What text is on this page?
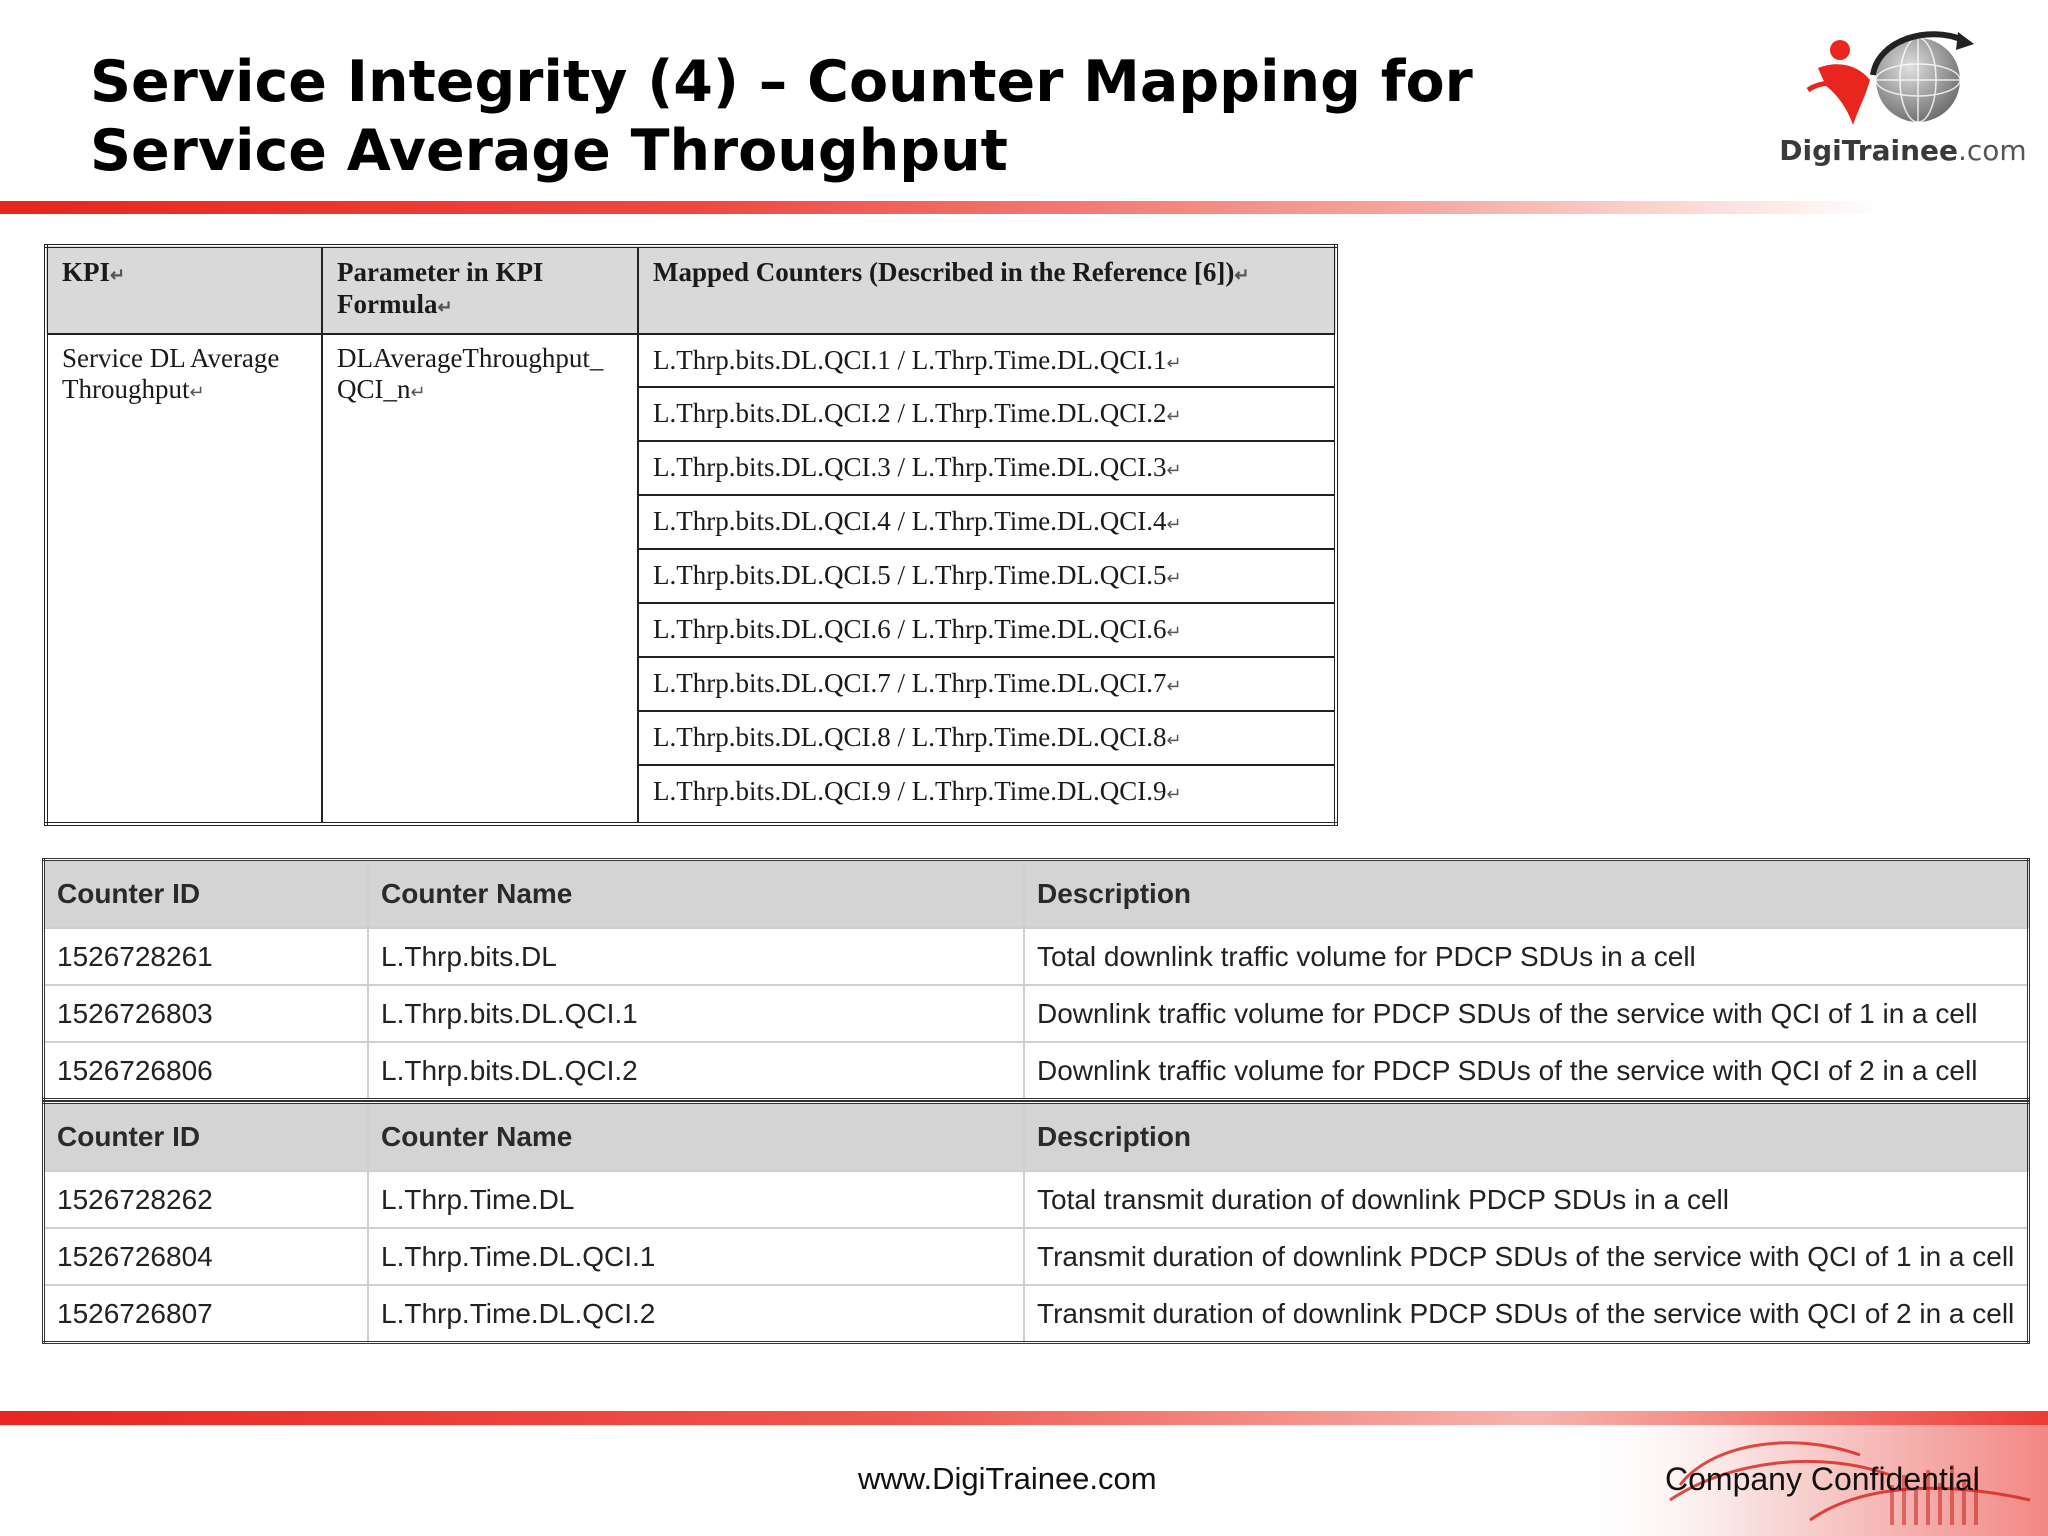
Service Integrity (4) – Counter Mapping for
Service Average Throughput	DigiTrainee.com
KPI↵	Parameter in KPI Formula↵	Mapped Counters (Described in the Reference [6])↵
Service DL Average Throughput↵	DLAverageThroughput_ QCI_n↵	L.Thrp.bits.DL.QCI.1 / L.Thrp.Time.DL.QCI.1↵
		L.Thrp.bits.DL.QCI.2 / L.Thrp.Time.DL.QCI.2↵
		L.Thrp.bits.DL.QCI.3 / L.Thrp.Time.DL.QCI.3↵
		L.Thrp.bits.DL.QCI.4 / L.Thrp.Time.DL.QCI.4↵
		L.Thrp.bits.DL.QCI.5 / L.Thrp.Time.DL.QCI.5↵
		L.Thrp.bits.DL.QCI.6 / L.Thrp.Time.DL.QCI.6↵
		L.Thrp.bits.DL.QCI.7 / L.Thrp.Time.DL.QCI.7↵
		L.Thrp.bits.DL.QCI.8 / L.Thrp.Time.DL.QCI.8↵
		L.Thrp.bits.DL.QCI.9 / L.Thrp.Time.DL.QCI.9↵
Counter ID	Counter Name	Description
1526728261	L.Thrp.bits.DL	Total downlink traffic volume for PDCP SDUs in a cell
1526726803	L.Thrp.bits.DL.QCI.1	Downlink traffic volume for PDCP SDUs of the service with QCI of 1 in a cell
1526726806	L.Thrp.bits.DL.QCI.2	Downlink traffic volume for PDCP SDUs of the service with QCI of 2 in a cell
Counter ID	Counter Name	Description
1526728262	L.Thrp.Time.DL	Total transmit duration of downlink PDCP SDUs in a cell
1526726804	L.Thrp.Time.DL.QCI.1	Transmit duration of downlink PDCP SDUs of the service with QCI of 1 in a cell
1526726807	L.Thrp.Time.DL.QCI.2	Transmit duration of downlink PDCP SDUs of the service with QCI of 2 in a cell
www.DigiTrainee.com	Company Confidential
